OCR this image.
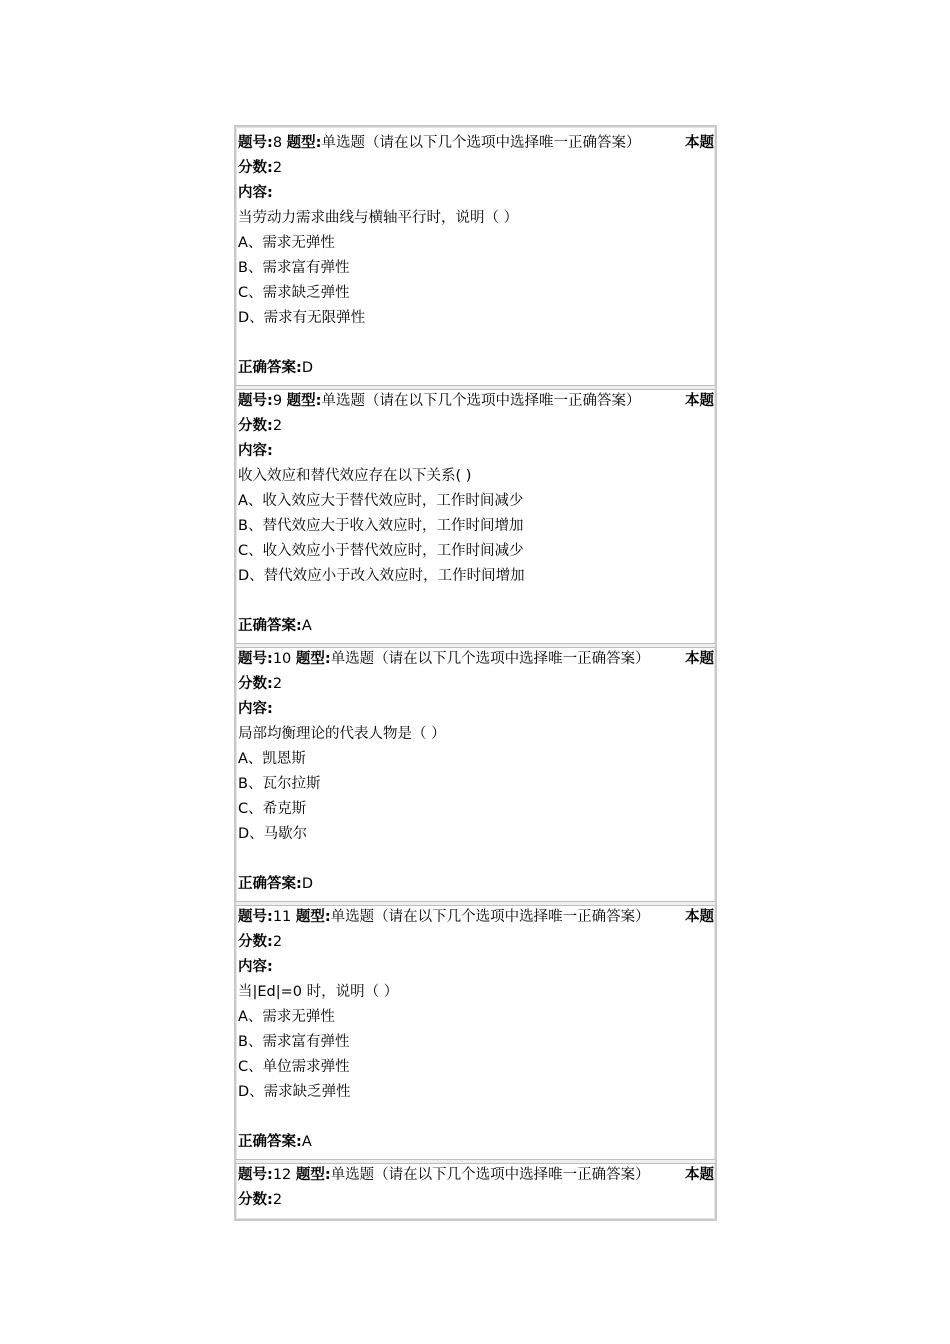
题号:8 题型:单选题（请在以下几个选项中选择唯一正确答案）	本题
分数:2
内容:
当劳动力需求曲线与横轴平行时，说明（ ）
A、需求无弹性
B、需求富有弹性
C、需求缺乏弹性
D、需求有无限弹性
正确答案:D
题号:9 题型:单选题（请在以下几个选项中选择唯一正确答案）	本题
分数:2
内容:
收入效应和替代效应存在以下关系( )
A、收入效应大于替代效应时，工作时间减少
B、替代效应大于收入效应时，工作时间增加
C、收入效应小于替代效应时，工作时间减少
D、替代效应小于改入效应时，工作时间增加
正确答案:A
题号:10 题型:单选题（请在以下几个选项中选择唯一正确答案） 本题
分数:2
内容:
局部均衡理论的代表人物是（ ）
A、凯恩斯
B、瓦尔拉斯
C、希克斯
D、马歇尔
正确答案:D
题号:11 题型:单选题（请在以下几个选项中选择唯一正确答案） 本题
分数:2
内容:
当|Ed|=0 时，说明（ ）
A、需求无弹性
B、需求富有弹性
C、单位需求弹性
D、需求缺乏弹性
正确答案:A
题号:12 题型:单选题（请在以下几个选项中选择唯一正确答案） 本题
分数:2
